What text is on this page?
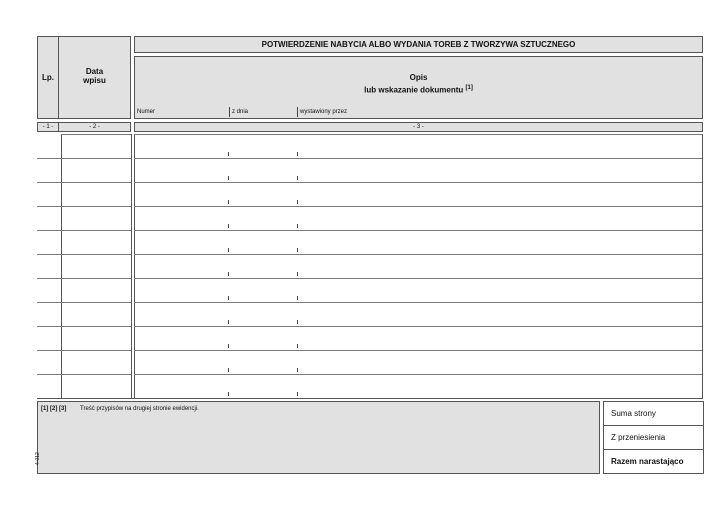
Lp.
Data
wpisu
POTWIERDZENIE NABYCIA ALBO WYDANIA TOREB Z TWORZYWA SZTUCZNEGO
Opis
lub wskazanie dokumentu [1]
Numer	z dnia	wystawiony przez
- 1 -	- 2 -	- 3 -
[1] [2] [3] Treść przypisów na drugiej stronie ewidencji.
4-012
Suma strony
Z przeniesienia
Razem narastająco
